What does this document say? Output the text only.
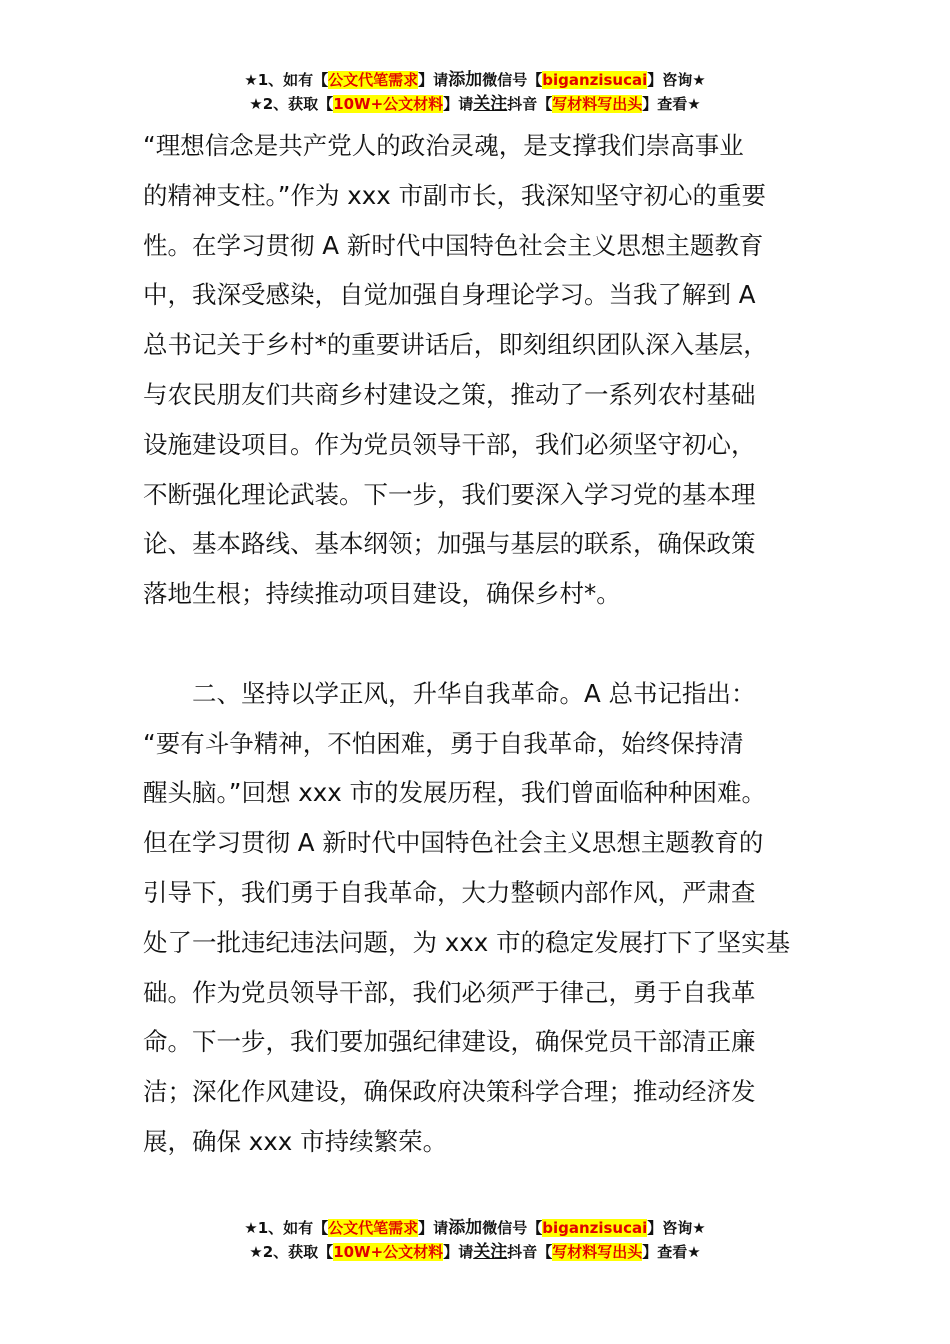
★1、如有【公文代笔需求】请添加微信号【biganzisucai】咨询★
★2、获取【10W+公文材料】请关注抖音【写材料写出头】查看★
“理想信念是共产党人的政治灵魂，是支撑我们崇高事业
的精神支柱。”作为 xxx 市副市长，我深知坚守初心的重要
性。在学习贯彻 A 新时代中国特色社会主义思想主题教育
中，我深受感染，自觉加强自身理论学习。当我了解到 A
总书记关于乡村*的重要讲话后，即刻组织团队深入基层，
与农民朋友们共商乡村建设之策，推动了一系列农村基础
设施建设项目。作为党员领导干部，我们必须坚守初心，
不断强化理论武装。下一步，我们要深入学习党的基本理
论、基本路线、基本纲领；加强与基层的联系，确保政策
落地生根；持续推动项目建设，确保乡村*。
　　二、坚持以学正风，升华自我革命。A 总书记指出：
“要有斗争精神，不怕困难，勇于自我革命，始终保持清
醒头脑。”回想 xxx 市的发展历程，我们曾面临种种困难。
但在学习贯彻 A 新时代中国特色社会主义思想主题教育的
引导下，我们勇于自我革命，大力整顿内部作风，严肃查
处了一批违纪违法问题，为 xxx 市的稳定发展打下了坚实基
础。作为党员领导干部，我们必须严于律己，勇于自我革
命。下一步，我们要加强纪律建设，确保党员干部清正廉
洁；深化作风建设，确保政府决策科学合理；推动经济发
展，确保 xxx 市持续繁荣。
★1、如有【公文代笔需求】请添加微信号【biganzisucai】咨询★
★2、获取【10W+公文材料】请关注抖音【写材料写出头】查看★
